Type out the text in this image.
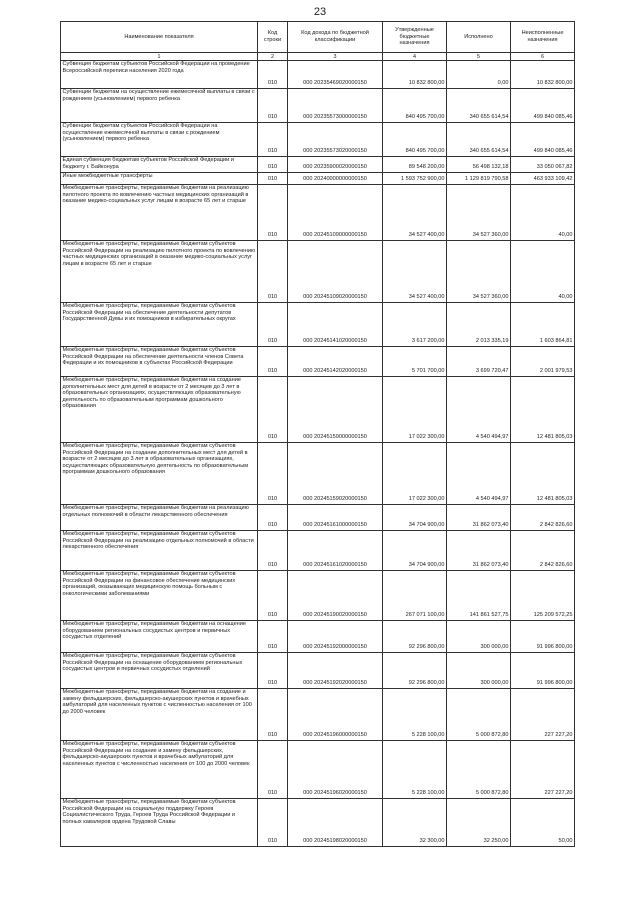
23
Наименование показателя	Код строки	Код дохода по бюджетной классификации	Утвержденные бюджетные назначения	Исполнено	Неисполненные назначения
1	2	3	4	5	6
Субвенция бюджетам субъектов Российской Федерации на проведение Всероссийской переписи населения 2020 года	010	000 20235469020000150	10 832 800,00	0,00	10 832 800,00
Субвенции бюджетам на осуществление ежемесячной выплаты в связи с рождением (усыновлением) первого ребенка	010	000 20235573000000150	840 495 700,00	340 655 614,54	499 840 085,46
Субвенции бюджетам субъектов Российской Федерации на осуществление ежемесячной выплаты в связи с рождением (усыновлением) первого ребенка	010	000 20235573020000150	840 495 700,00	340 655 614,54	499 840 085,46
Единая субвенция бюджетам субъектов Российской Федерации и бюджету г. Байконура	010	000 20235900020000150	89 548 200,00	56 498 132,18	33 050 067,82
Иные межбюджетные трансферты	010	000 20240000000000150	1 593 752 900,00	1 129 819 790,58	463 933 109,42
Межбюджетные трансферты, передаваемые бюджетам на реализацию пилотного проекта по вовлечению частных медицинских организаций в оказание медико-социальных услуг лицам в возрасте 65 лет и старше	010	000 20245109000000150	34 527 400,00	34 527 360,00	40,00
Межбюджетные трансферты, передаваемые бюджетам субъектов Российской Федерации на реализацию пилотного проекта по вовлечению частных медицинских организаций в оказание медико-социальных услуг лицам в возрасте 65 лет и старше	010	000 20245109020000150	34 527 400,00	34 527 360,00	40,00
Межбюджетные трансферты, передаваемые бюджетам субъектов Российской Федерации на обеспечение деятельности депутатов Государственной Думы и их помощников в избирательных округах	010	000 20245141020000150	3 617 200,00	2 013 335,19	1 603 864,81
Межбюджетные трансферты, передаваемые бюджетам субъектов Российской Федерации на обеспечение деятельности членов Совета Федерации и их помощников в субъектах Российской Федерации	010	000 20245142020000150	5 701 700,00	3 699 720,47	2 001 979,53
Межбюджетные трансферты, передаваемые бюджетам на создание дополнительных мест для детей в возрасте от 2 месяцев до 3 лет в образовательных организациях, осуществляющих образовательную деятельность по образовательным программам дошкольного образования	010	000 20245159000000150	17 022 300,00	4 540 494,97	12 481 805,03
Межбюджетные трансферты, передаваемые бюджетам субъектов Российской Федерации на создание дополнительных мест для детей в возрасте от 2 месяцев до 3 лет в образовательных организациях, осуществляющих образовательную деятельность по образовательным программам дошкольного образования	010	000 20245159020000150	17 022 300,00	4 540 494,97	12 481 805,03
Межбюджетные трансферты, передаваемые бюджетам на реализацию отдельных полномочий в области лекарственного обеспечения	010	000 20245161000000150	34 704 900,00	31 862 073,40	2 842 826,60
Межбюджетные трансферты, передаваемые бюджетам субъектов Российской Федерации на реализацию отдельных полномочий в области лекарственного обеспечения	010	000 20245161020000150	34 704 900,00	31 862 073,40	2 842 826,60
Межбюджетные трансферты, передаваемые бюджетам субъектов Российской Федерации на финансовое обеспечение медицинских организаций, оказывающих медицинскую помощь больным с онкологическими заболеваниями	010	000 20245190020000150	267 071 100,00	141 861 527,75	125 209 572,25
Межбюджетные трансферты, передаваемые бюджетам на оснащение оборудованием региональных сосудистых центров и первичных сосудистых отделений	010	000 20245192000000150	92 296 800,00	300 000,00	91 996 800,00
Межбюджетные трансферты, передаваемые бюджетам субъектов Российской Федерации на оснащение оборудованием региональных сосудистых центров и первичных сосудистых отделений	010	000 20245192020000150	92 296 800,00	300 000,00	91 996 800,00
Межбюджетные трансферты, передаваемые бюджетам на создание и замену фельдшерских, фельдшерско-акушерских пунктов и врачебных амбулаторий для населенных пунктов с численностью населения от 100 до 2000 человек	010	000 20245196000000150	5 228 100,00	5 000 872,80	227 227,20
Межбюджетные трансферты, передаваемые бюджетам субъектов Российской Федерации на создание и замену фельдшерских, фельдшерско-акушерских пунктов и врачебных амбулаторий для населенных пунктов с численностью населения от 100 до 2000 человек	010	000 20245196020000150	5 228 100,00	5 000 872,80	227 227,20
Межбюджетные трансферты, передаваемые бюджетам субъектов Российской Федерации на социальную поддержку Героев Социалистического Труда, Героев Труда Российской Федерации и полных кавалеров ордена Трудовой Славы	010	000 20245198020000150	32 300,00	32 250,00	50,00
